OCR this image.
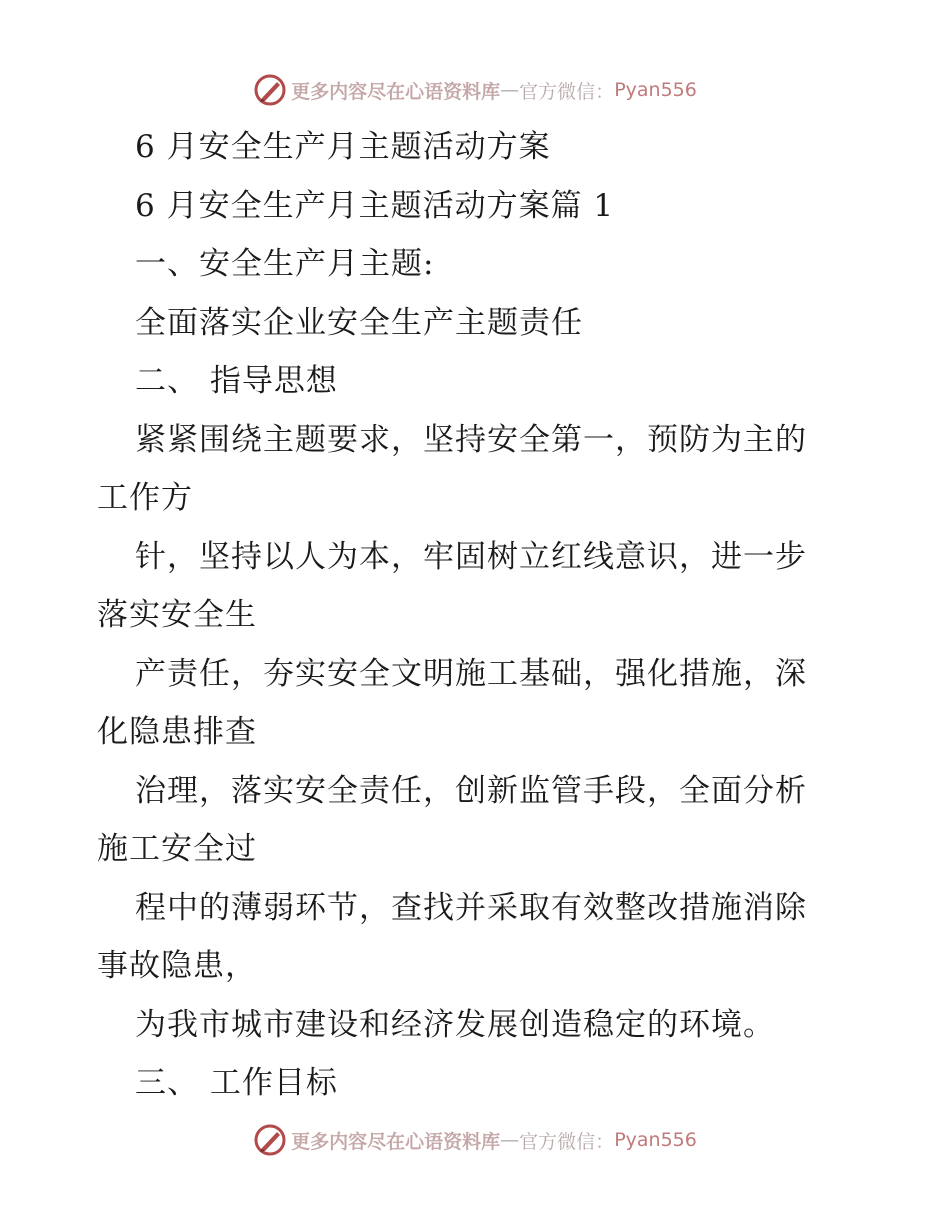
更多内容尽在心语资料库 — 官方微信： Pyan556
6 月安全生产月主题活动方案
6 月安全生产月主题活动方案篇 1
一、安全生产月主题:
全面落实企业安全生产主题责任
二、 指导思想
紧紧围绕主题要求，坚持安全第一，预防为主的
工作方
针，坚持以人为本，牢固树立红线意识，进一步
落实安全生
产责任，夯实安全文明施工基础，强化措施，深
化隐患排查
治理，落实安全责任，创新监管手段，全面分析
施工安全过
程中的薄弱环节，查找并采取有效整改措施消除
事故隐患，
为我市城市建设和经济发展创造稳定的环境。
三、 工作目标
更多内容尽在心语资料库 — 官方微信： Pyan556
